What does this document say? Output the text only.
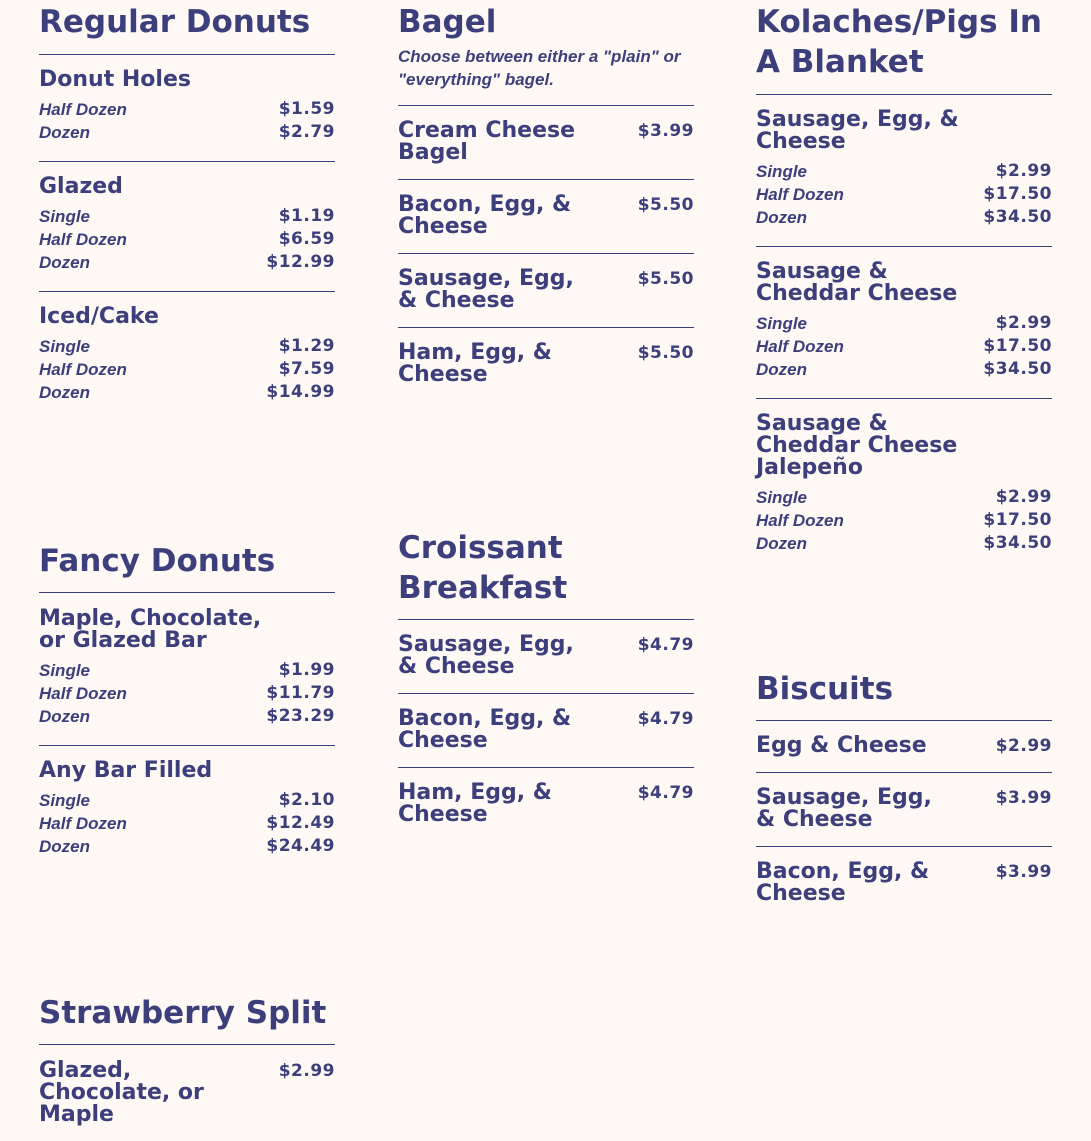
Regular Donuts
Donut Holes
Half Dozen	$1.59
Dozen	$2.79
Glazed
Single	$1.19
Half Dozen	$6.59
Dozen	$12.99
Iced/Cake
Single	$1.29
Half Dozen	$7.59
Dozen	$14.99
Fancy Donuts
Maple, Chocolate, or Glazed Bar
Single	$1.99
Half Dozen	$11.79
Dozen	$23.29
Any Bar Filled
Single	$2.10
Half Dozen	$12.49
Dozen	$24.49
Strawberry Split
Glazed, Chocolate, or Maple
$2.99
Bagel
Choose between either a "plain" or "everything" bagel.
Cream Cheese Bagel
$3.99
Bacon, Egg, & Cheese
$5.50
Sausage, Egg, & Cheese
$5.50
Ham, Egg, & Cheese
$5.50
Croissant Breakfast
Sausage, Egg, & Cheese
$4.79
Bacon, Egg, & Cheese
$4.79
Ham, Egg, & Cheese
$4.79
Kolaches/Pigs In A Blanket
Sausage, Egg, & Cheese
Single	$2.99
Half Dozen	$17.50
Dozen	$34.50
Sausage & Cheddar Cheese
Single	$2.99
Half Dozen	$17.50
Dozen	$34.50
Sausage & Cheddar Cheese Jalepeño
Single	$2.99
Half Dozen	$17.50
Dozen	$34.50
Biscuits
Egg & Cheese	$2.99
Sausage, Egg, & Cheese
$3.99
Bacon, Egg, & Cheese
$3.99
